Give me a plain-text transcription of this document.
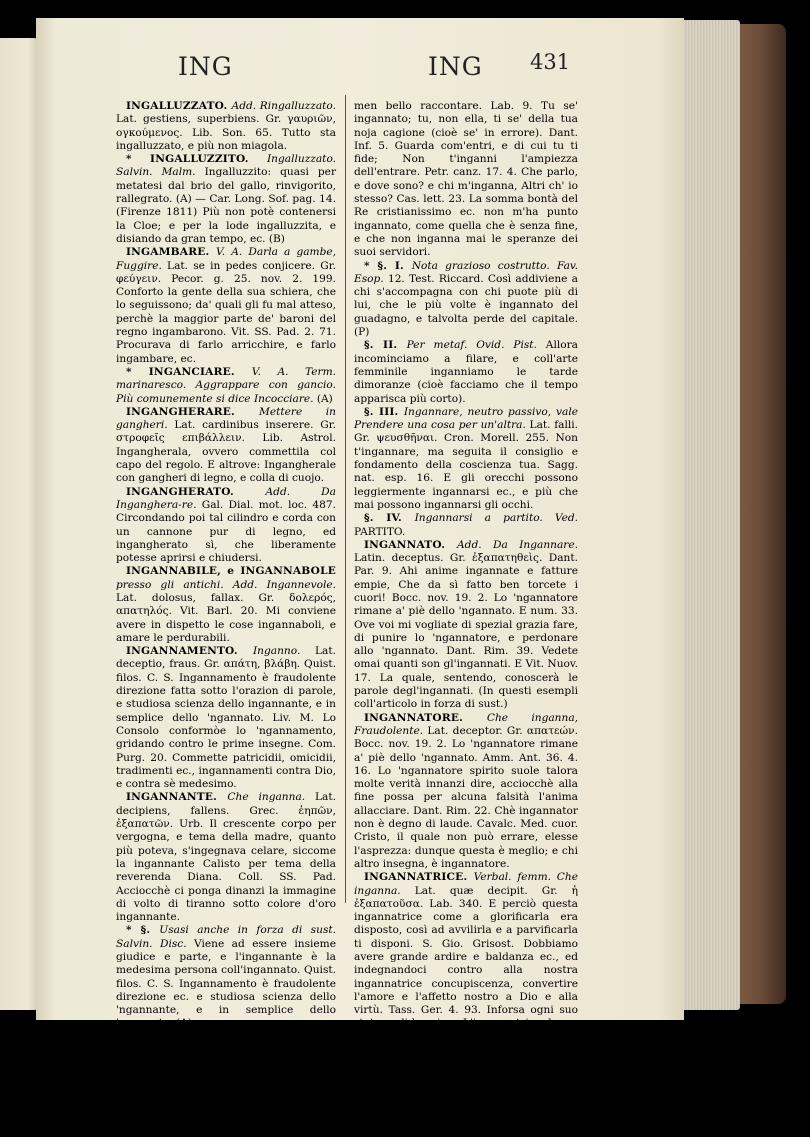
ING	ING 431

INGALLUZZATO. Add. Ringalluzzato. Lat. gestiens, superbiens. Gr. γαυριῶν, ογκούμενος. Lib. Son. 65. Tutto sta ingalluzzato, e più non miagola.

* INGALLUZZITO. Ingalluzzato. Salvin. Malm. Ingalluzzito: quasi per metatesi dal brio del gallo, rinvigorito, rallegrato. (A) — Car. Long. Sof. pag. 14. (Firenze 1811) Più non potè contenersi la Cloe; e per la lode ingalluzzita, e disiando da gran tempo, ec. (B)

INGAMBARE. V. A. Darla a gambe, Fuggire. Lat. se in pedes conjicere. Gr. φεύγειν. Pecor. g. 25. nov. 2. 199. Conforto la gente della sua schiera, che lo seguissono; da' quali gli fu mal atteso, perchè la maggior parte de' baroni del regno ingambarono. Vit. SS. Pad. 2. 71. Procurava di farlo arricchire, e farlo ingambare, ec.

* INGANCIARE. V. A. Term. marinaresco. Aggrappare con gancio. Più comunemente si dice Incocciare. (A)

INGANGHERARE. Mettere in gangheri. Lat. cardinibus inserere. Gr. στροφεῖς επιβάλλειν. Lib. Astrol. Ingangherala, ovvero commettila col capo del regolo. E altrove: Ingangherale con gangheri di legno, e colla di cuojo.

INGANGHERATO. Add. Da Inganghera-re. Gal. Dial. mot. loc. 487. Circondando poi tal cilindro e corda con un cannone pur di legno, ed ingangherato sì, che liberamente potesse aprirsi e chiudersi.

INGANNABILE, e INGANNABOLE presso gli antichi. Add. Ingannevole. Lat. dolosus, fallax. Gr. δολερός, απατηλός. Vit. Barl. 20. Mi conviene avere in dispetto le cose ingannaboli, e amare le perdurabili.

INGANNAMENTO. Inganno. Lat. deceptio, fraus. Gr. απάτη, βλάβη. Quist. filos. C. S. Ingannamento è fraudolente direzione fatta sotto l'orazion di parole, e studiosa scienza dello ingannante, e in semplice dello 'ngannato. Liv. M. Lo Consolo conformòe lo 'ngannamento, gridando contro le prime insegne. Com. Purg. 20. Commette patricidii, omicidii, tradimenti ec., ingannamenti contra Dio, e contra sè medesimo.

INGANNANTE. Che inganna. Lat. decipiens, fallens. Grec. ἐηπῶν, ἐξαπατῶν. Urb. Il crescente corpo per vergogna, e tema della madre, quanto più poteva, s'ingegnava celare, siccome la ingannante Calisto per tema della reverenda Diana. Coll. SS. Pad. Acciocchè ci ponga dinanzi la immagine di volto di tiranno sotto colore d'oro ingannante.

* §. Usasi anche in forza di sust. Salvin. Disc. Viene ad essere insieme giudice e parte, e l'ingannante è la medesima persona coll'ingannato. Quist. filos. C. S. Ingannamento è fraudolente direzione ec. e studiosa scienza dello 'ngannante, e in semplice dello 'ngannato. (A)

INGANNARE. Far fraude o inganno, Mostrare una cosa per un'altra. Latin. decipere, fallere. Gr. ἐξαπατᾶν, φεναχίζειν. Bocc. nov. 1. 32. Li quali dubitavan forte, non ser Ciappelletto gl'ingannasse. E nov. 67. 1. Se io non ne sono ingannata, io ve ne credo uno non

men bello raccontare. Lab. 9. Tu se' ingannato; tu, non ella, ti se' della tua noja cagione (cioè se' in errore). Dant. Inf. 5. Guarda com'entri, e di cui tu ti fide; Non t'inganni l'ampiezza dell'entrare. Petr. canz. 17. 4. Che parlo, e dove sono? e chi m'inganna, Altri ch' io stesso? Cas. lett. 23. La somma bontà del Re cristianissimo ec. non m'ha punto ingannato, come quella che è senza fine, e che non inganna mai le speranze dei suoi servidori.

* §. I. Nota grazioso costrutto. Fav. Esop. 12. Test. Riccard. Così addiviene a chi s'accompagna con chi puote più di lui, che le più volte è ingannato del guadagno, e talvolta perde del capitale. (P)

§. II. Per metaf. Ovid. Pist. Allora incominciamo a filare, e coll'arte femminile inganniamo le tarde dimoranze (cioè facciamo che il tempo apparisca più corto).

§. III. Ingannare, neutro passivo, vale Prendere una cosa per un'altra. Lat. falli. Gr. ψευσθῆναι. Cron. Morell. 255. Non t'ingannare, ma seguita il consiglio e fondamento della coscienza tua. Sagg. nat. esp. 16. E gli orecchi possono leggiermente ingannarsi ec., e più che mai possono ingannarsi gli occhi.

§. IV. Ingannarsi a partito. Ved. PARTITO.

INGANNATO. Add. Da Ingannare. Latin. deceptus. Gr. ἐξαπατηθεὶς. Dant. Par. 9. Ahi anime ingannate e fatture empie, Che da sì fatto ben torcete i cuori! Bocc. nov. 19. 2. Lo 'ngannatore rimane a' piè dello 'ngannato. E num. 33. Ove voi mi vogliate di spezial grazia fare, di punire lo 'ngannatore, e perdonare allo 'ngannato. Dant. Rim. 39. Vedete omai quanti son gl'ingannati. E Vit. Nuov. 17. La quale, sentendo, conoscerà le parole degl'ingannati. (In questi esempli coll'articolo in forza di sust.)

INGANNATORE. Che inganna, Fraudolente. Lat. deceptor. Gr. απατεών. Bocc. nov. 19. 2. Lo 'ngannatore rimane a' piè dello 'ngannato. Amm. Ant. 36. 4. 16. Lo 'ngannatore spirito suole talora molte verità innanzi dire, acciocchè alla fine possa per alcuna falsità l'anima allacciare. Dant. Rim. 22. Chè ingannator non è degno di laude. Cavalc. Med. cuor. Cristo, il quale non può errare, elesse l'asprezza: dunque questa è meglio; e chi altro insegna, è ingannatore.

INGANNATRICE. Verbal. femm. Che inganna. Lat. quæ decipit. Gr. ἡ ἐξαπατοῦσα. Lab. 340. E perciò questa ingannatrice come a glorificarla era disposto, così ad avvilirla e a parvificarla ti disponi. S. Gio. Grisost. Dobbiamo avere grande ardire e baldanza ec., ed indegnandoci contro alla nostra ingannatrice concupiscenza, convertire l'amore e l'affetto nostro a Dio e alla virtù. Tass. Ger. 4. 93. Inforsa ogni suo stato, e di lor gioco L'ingannatrice donna a prender viene.

INGANNERELLO. Dim. d'Inganno. Tratt. gov. fam. 82. Quando sono d'anni sei infino a' quattordici, o più tanto quanto, si può domandargli ogni dì una volta de' peccati ne' quali posson cadere, come bugie, bestemmie, ingannerelli, e simili atti, ec.
